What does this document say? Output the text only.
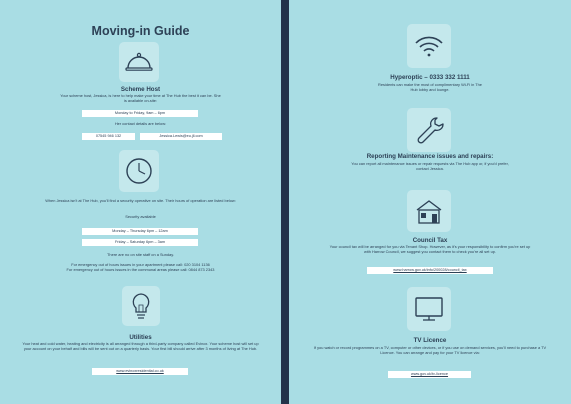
Moving-in Guide
Scheme Host
Your scheme host, Jessica, is here to help make your time at The Hub the best it can be. She is available on-site:
Monday to Friday, 9am – 6pm
Her contact details are below:
07545 946 132	Jessica.Lewis@eu.jll.com
When Jessica isn't at The Hub, you'll find a security operative on site. Their hours of operation are listed below:
Security available
Monday – Thursday 6pm – 12am
Friday – Saturday 6pm – 3am
There are no on site staff on a Sunday.
For emergency out of hours issues in your apartment please call: 020 3104 1136
For emergency out of hours issues in the communal areas please call: 0844 873 2343
Utilities
Your heat and cold water, heating and electricity is all arranged through a third-party company called Evinox. Your scheme host will set up your account on your behalf and bills will be sent out on a quarterly basis. Your first bill should arrive after 3 months of living at The Hub.
www.evinoxresidential.co.uk
Hyperoptic – 0333 332 1111
Residents can make the most of complimentary Wi-Fi in The Hub lobby and lounge.
Reporting Maintenance issues and repairs:
You can report all maintenance issues or repair requests via The Hub app or, if you'd prefer, contact Jessica.
Council Tax
Your council tax will be arranged for you via Tenant Shop. However, as it's your responsibility to confirm you're set up with Harrow Council, we suggest you contact them to check you're all set up.
www.harrow.gov.uk/info/200028/council_tax
TV Licence
If you watch or record programmes on a TV, computer or other devices, or if you use on demand services, you'll need to purchase a TV Licence. You can arrange and pay for your TV licence via:
www.gov.uk/tv-licence
